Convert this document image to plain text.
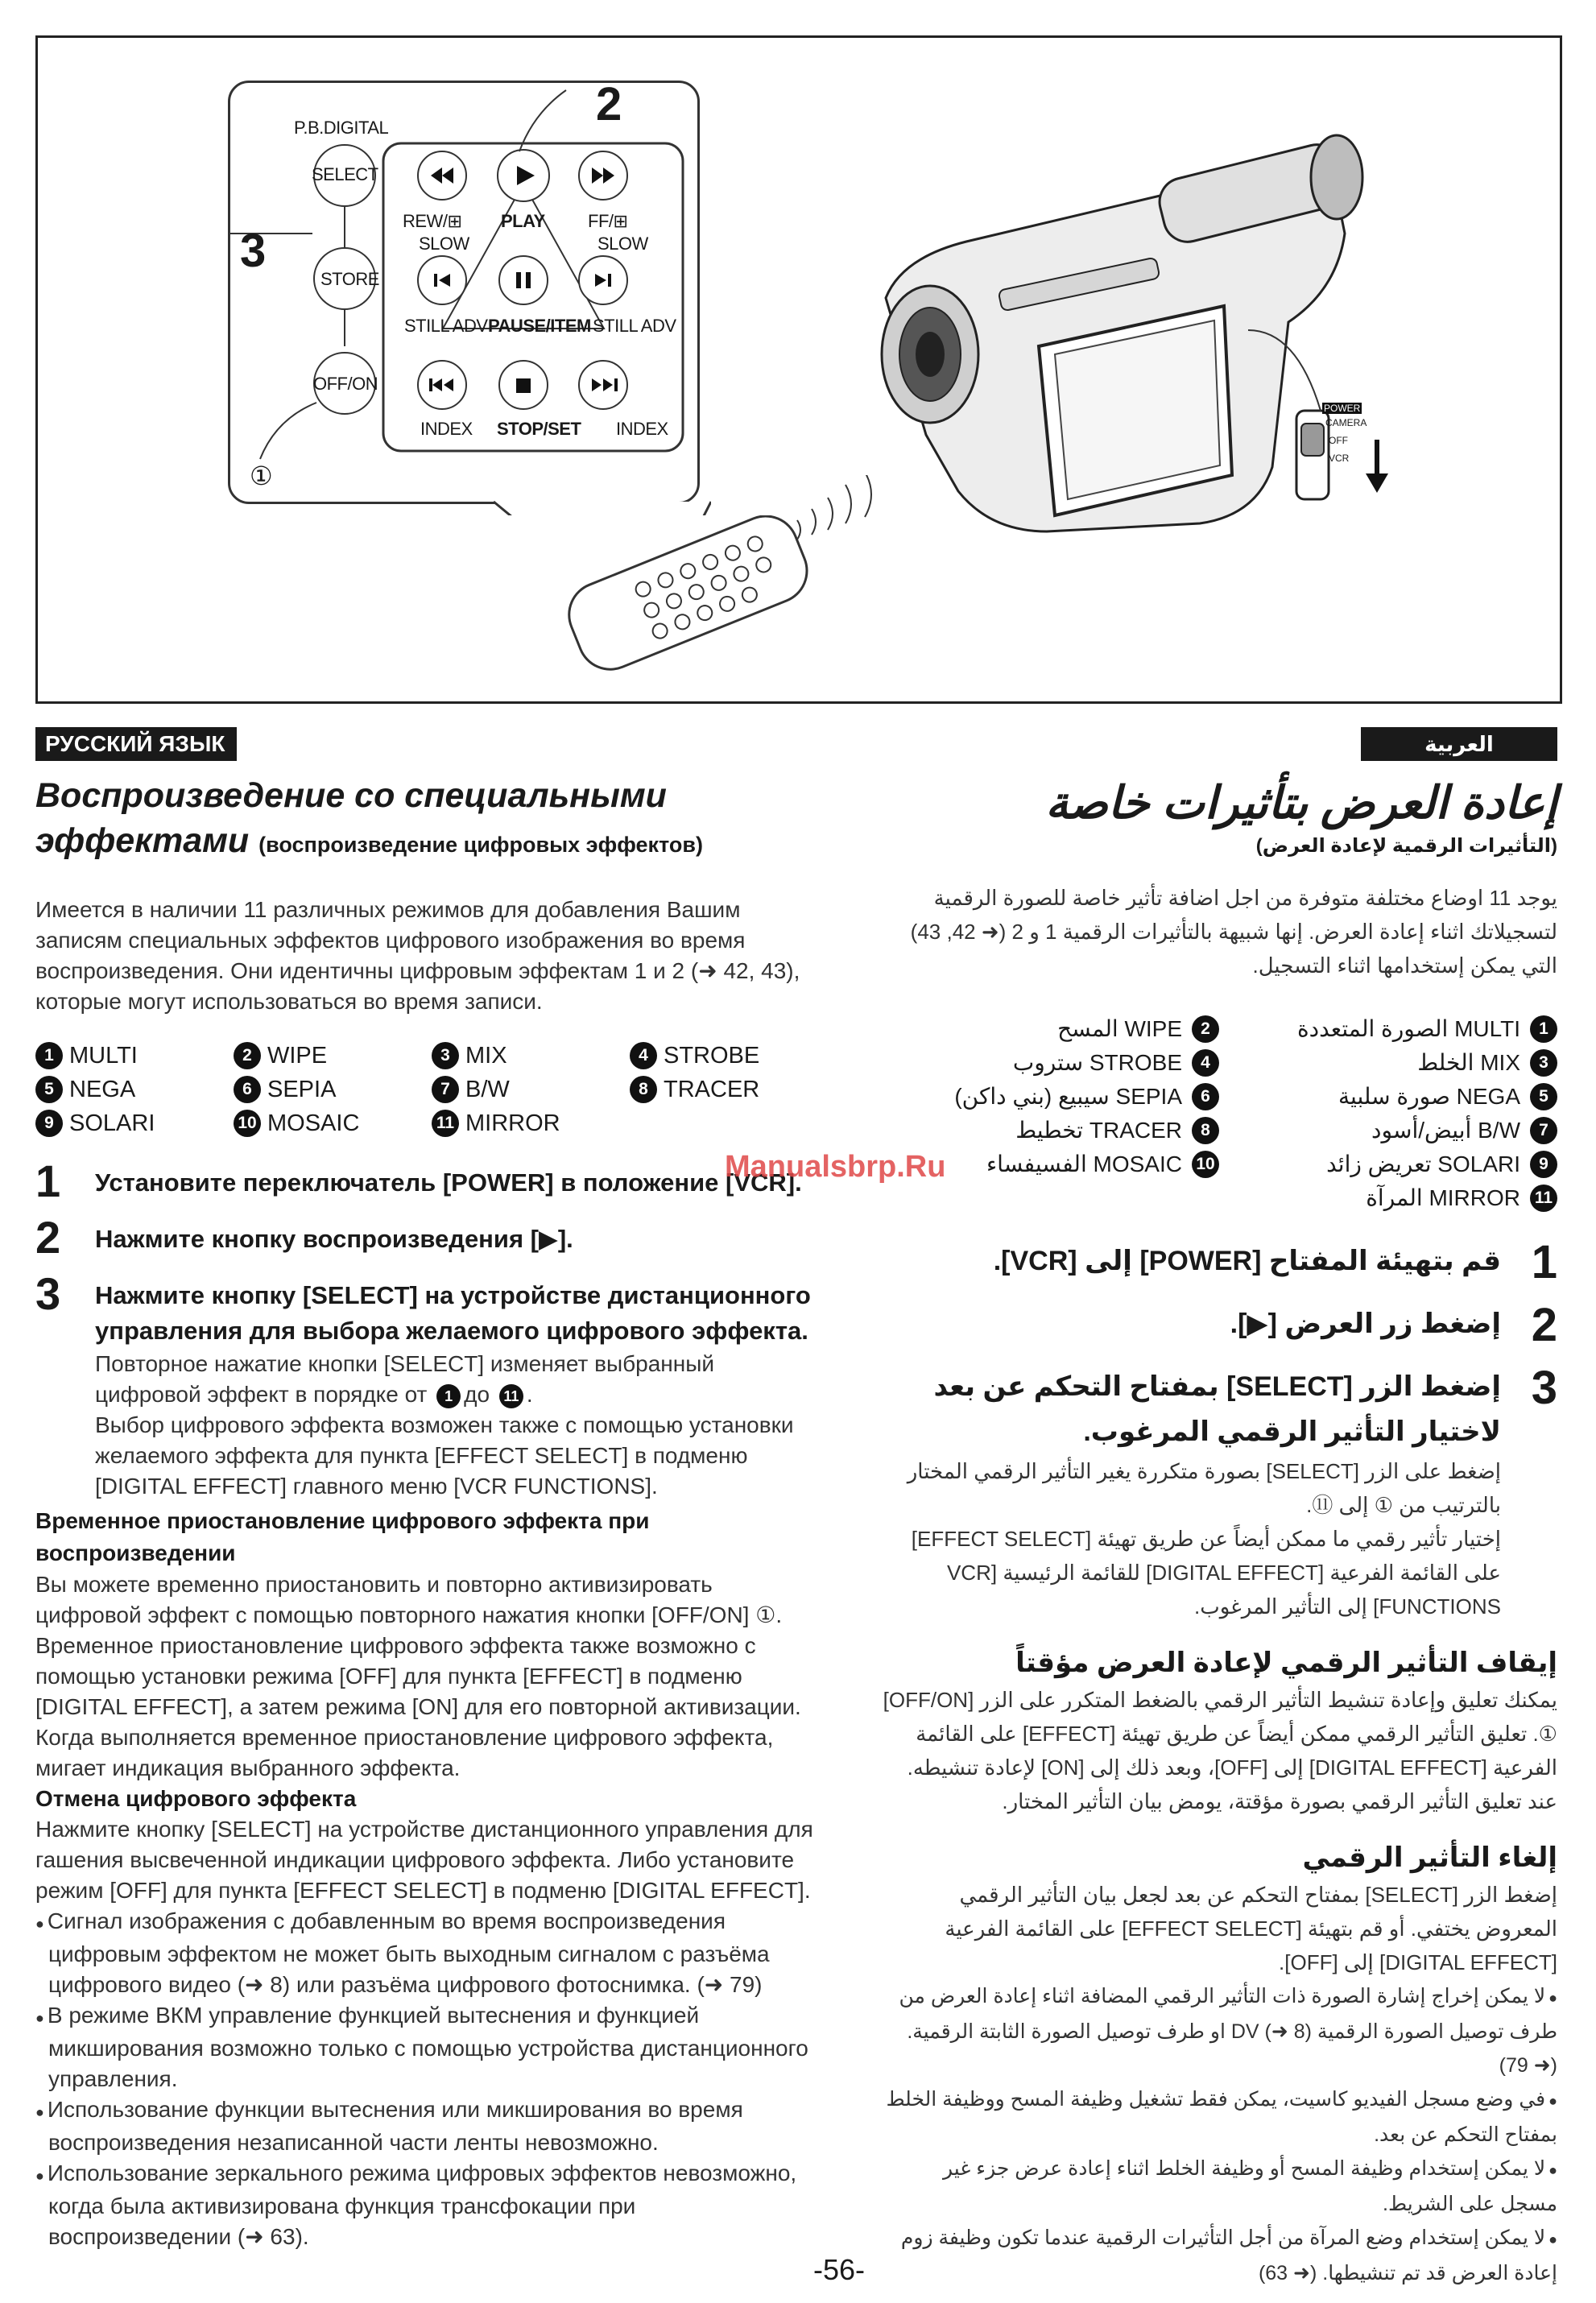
P.B.DIGITAL
SELECT
STORE
OFF/ON
REW/⊞
SLOW
PLAY FF/⊞
SLOW
STILL ADV PAUSE/ITEM STILL ADV
INDEX STOP/SET INDEX
①
2
3
POWER
CAMERA
OFF
VCR
РУССКИЙ ЯЗЫК	العربية
Воспроизведение со специальными
эффектами (воспроизведение цифровых эффектов)

Имеется в наличии 11 различных режимов для добавления Вашим записям специальных эффектов цифрового изображения во время воспроизведения. Они идентичны цифровым эффектам 1 и 2 (➜ 42, 43), которые могут использоваться во время записи.

1 MULTI	2 WIPE	3 MIX	4 STROBE
5 NEGA	6 SEPIA	7 B/W	8 TRACER
9 SOLARI	10 MOSAIC	11 MIRROR
1	Установите переключатель [POWER] в положение [VCR].
2	Нажмите кнопку воспроизведения [▶].
3	Нажмите кнопку [SELECT] на устройстве дистанционного управления для выбора желаемого цифрового эффекта.
Повторное нажатие кнопки [SELECT] изменяет выбранный цифровой эффект в порядке от 1 до 11 .
Выбор цифрового эффекта возможен также с помощью установки желаемого эффекта для пункта [EFFECT SELECT] в подменю [DIGITAL EFFECT] главного меню [VCR FUNCTIONS].
Временное приостановление цифрового эффекта при воспроизведении

Вы можете временно приостановить и повторно активизировать цифровой эффект с помощью повторного нажатия кнопки [OFF/ON] ①. Временное приостановление цифрового эффекта также возможно с помощью установки режима [OFF] для пункта [EFFECT] в подменю [DIGITAL EFFECT], а затем режима [ON] для его повторной активизации. Когда выполняется временное приостановление цифрового эффекта, мигает индикация выбранного эффекта.

Отмена цифрового эффекта

Нажмите кнопку [SELECT] на устройстве дистанционного управления для гашения высвеченной индикации цифрового эффекта. Либо установите режим [OFF] для пункта [EFFECT SELECT] в подменю [DIGITAL EFFECT].

● Сигнал изображения с добавленным во время воспроизведения цифровым эффектом не может быть выходным сигналом с разъёма цифрового видео (➜ 8) или разъёма цифрового фотоснимка. (➜ 79)
● В режиме ВКМ управление функцией вытеснения и функцией микширования возможно только с помощью устройства дистанционного управления.
● Использование функции вытеснения или микширования во время воспроизведения незаписанной части ленты невозможно.
● Использование зеркального режима цифровых эффектов невозможно, когда была активизирована функция трансфокации при воспроизведении (➜ 63).
إعادة العرض بتأثيرات خاصة
(التأثيرات الرقمية لإعادة العرض)

يوجد 11 اوضاع مختلفة متوفرة من اجل اضافة تأثير خاصة للصورة الرقمية لتسجيلاتك اثناء إعادة العرض. إنها شبيهة بالتأثيرات الرقمية 1 و 2 (➜ 42, 43) التي يمكن إستخدامها اثناء التسجيل.

1
MULTI الصورة المتعددة
2
WIPE المسح
3
MIX الخلط
4
STROBE ستروب
5
NEGA صورة سلبية
6
SEPIA سيبيع (بني داكن)
7
B/W أبيض/أسود
8
TRACER تخطيط
9
SOLARI تعريض زائد
10
MOSAIC الفسيفساء
11
MIRROR المرآة
1
قم بتهيئة المفتاح [POWER] إلى [VCR].
2
إضغط زر العرض [▶].
3
إضغط الزر [SELECT] بمفتاح التحكم عن بعد لاختيار التأثير الرقمي المرغوب.
إضغط على الزر [SELECT] بصورة متكررة يغير التأثير الرقمي المختار بالترتيب من ① إلى ⑪.
إختيار تأثير رقمي ما ممكن أيضاً عن طريق تهيئة [EFFECT SELECT] على القائمة الفرعية [DIGITAL EFFECT] للقائمة الرئيسية [VCR FUNCTIONS] إلى التأثير المرغوب.
إيقاف التأثير الرقمي لإعادة العرض مؤقتاً

يمكنك تعليق وإعادة تنشيط التأثير الرقمي بالضغط المتكرر على الزر [OFF/ON] ①. تعليق التأثير الرقمي ممكن أيضاً عن طريق تهيئة [EFFECT] على القائمة الفرعية [DIGITAL EFFECT] إلى [OFF]، وبعد ذلك إلى [ON] لإعادة تنشيطه. عند تعليق التأثير الرقمي بصورة مؤقتة، يومض بيان التأثير المختار.

إلغاء التأثير الرقمي

إضغط الزر [SELECT] بمفتاح التحكم عن بعد لجعل بيان التأثير الرقمي المعروض يختفي. أو قم بتهيئة [EFFECT SELECT] على القائمة الفرعية [DIGITAL EFFECT] إلى [OFF].

● لا يمكن إخراج إشارة الصورة ذات التأثير الرقمي المضافة اثناء إعادة العرض من طرف توصيل الصورة الرقمية DV (➜ 8) او طرف توصيل الصورة الثابتة الرقمية. (➜ 79)
● في وضع مسجل الفيديو كاسيت، يمكن فقط تشغيل وظيفة المسح ووظيفة الخلط بمفتاح التحكم عن بعد.
● لا يمكن إستخدام وظيفة المسح أو وظيفة الخلط اثناء إعادة عرض جزء غير مسجل على الشريط.
● لا يمكن إستخدام وضع المرآة من أجل التأثيرات الرقمية عندما تكون وظيفة زوم إعادة العرض قد تم تنشيطها. (➜ 63)
Manualsbrp.Ru
-56-
